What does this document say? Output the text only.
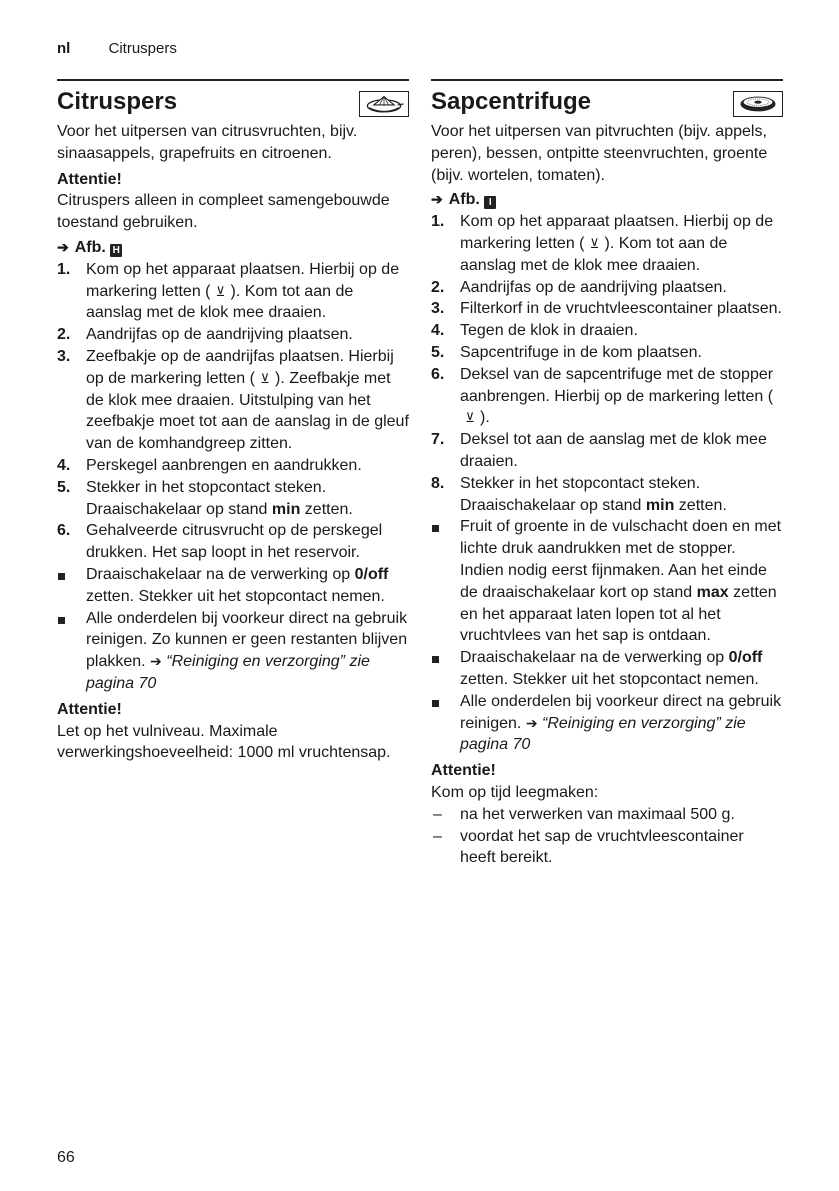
nl	Citruspers
Citruspers

Voor het uitpersen van citrusvruchten, bijv. sinaasappels, grapefruits en citroenen.

Attentie!

Citruspers alleen in compleet samengebouwde toestand gebruiken.

➔ Afb. H

1. Kom op het apparaat plaatsen. Hierbij op de markering letten ( ⊻ ). Kom tot aan de aanslag met de klok mee draaien.
2. Aandrijfas op de aandrijving plaatsen.
3. Zeefbakje op de aandrijfas plaatsen. Hierbij op de markering letten ( ⊻ ). Zeefbakje met de klok mee draaien. Uitstulping van het zeefbakje moet tot aan de aanslag in de gleuf van de komhandgreep zitten.
4. Perskegel aanbrengen en aandrukken.
5. Stekker in het stopcontact steken. Draaischakelaar op stand min zetten.
6. Gehalveerde citrusvrucht op de perskegel drukken. Het sap loopt in het reservoir.
Draaischakelaar na de verwerking op 0/off zetten. Stekker uit het stopcontact nemen.
Alle onderdelen bij voorkeur direct na gebruik reinigen. Zo kunnen er geen restanten blijven plakken. ➔ “Reiniging en verzorging” zie pagina 70

Attentie!

Let op het vulniveau. Maximale verwerkingshoeveelheid: 1000 ml vruchtensap.

Sapcentrifuge

Voor het uitpersen van pitvruchten (bijv. appels, peren), bessen, ontpitte steenvruchten, groente (bijv. wortelen, tomaten).

➔ Afb. I

1. Kom op het apparaat plaatsen. Hierbij op de markering letten ( ⊻ ). Kom tot aan de aanslag met de klok mee draaien.
2. Aandrijfas op de aandrijving plaatsen.
3. Filterkorf in de vruchtvleescontainer plaatsen.
4. Tegen de klok in draaien.
5. Sapcentrifuge in de kom plaatsen.
6. Deksel van de sapcentrifuge met de stopper aanbrengen. Hierbij op de markering letten (⊻ ).
7. Deksel tot aan de aanslag met de klok mee draaien.
8. Stekker in het stopcontact steken. Draaischakelaar op stand min zetten.
Fruit of groente in de vulschacht doen en met lichte druk aandrukken met de stopper. Indien nodig eerst fijnmaken. Aan het einde de draaischakelaar kort op stand max zetten en het apparaat laten lopen tot al het vruchtvlees van het sap is ontdaan.
Draaischakelaar na de verwerking op 0/off zetten. Stekker uit het stopcontact nemen.
Alle onderdelen bij voorkeur direct na gebruik reinigen. ➔ “Reiniging en verzorging” zie pagina 70

Attentie!

Kom op tijd leegmaken:

– na het verwerken van maximaal 500 g.
– voordat het sap de vruchtvleescontainer heeft bereikt.
66
